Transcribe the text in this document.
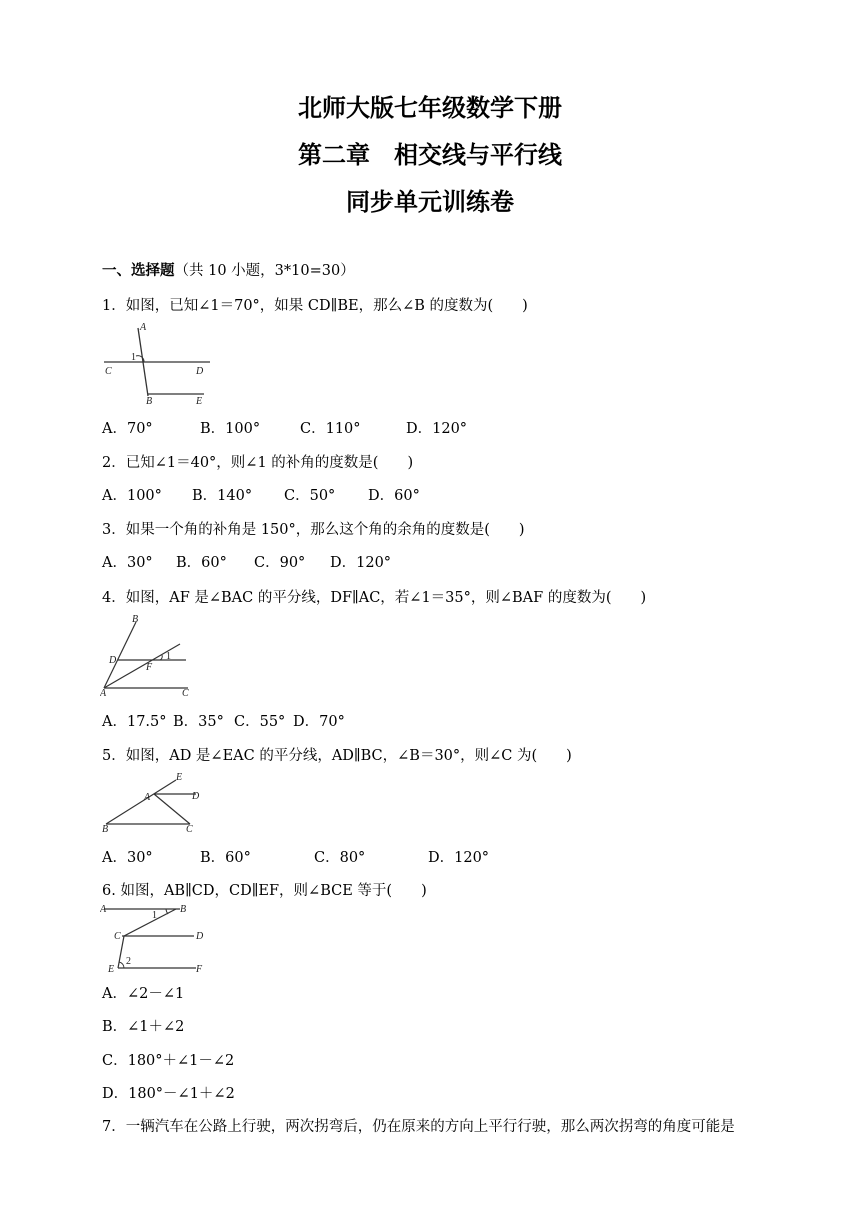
北师大版七年级数学下册
第二章　相交线与平行线
同步单元训练卷
一、选择题（共 10 小题，3*10=30）
1．如图，已知∠1＝70°，如果 CD∥BE，那么∠B 的度数为(　　)
A
1
C	D
B	E
A．70°	B．100°	C．110°	D．120°
2．已知∠1＝40°，则∠1 的补角的度数是(　　)
A．100° B．140° C．50° D．60°
3．如果一个角的补角是 150°，那么这个角的余角的度数是(　　)
A．30° B．60° C．90° D．120°
4．如图，AF 是∠BAC 的平分线，DF∥AC，若∠1＝35°，则∠BAF 的度数为(　　)
B
D
F
1
A	C
A．17.5° B．35° C．55° D．70°
5．如图，AD 是∠EAC 的平分线，AD∥BC，∠B＝30°，则∠C 为(　　)
E
A	D
B	C
A．30°	B．60°	C．80°	D．120°
6. 如图，AB∥CD，CD∥EF，则∠BCE 等于(　　)
A
1
B
C	D
E
2
F
A．∠2－∠1
B．∠1＋∠2
C．180°＋∠1－∠2
D．180°－∠1＋∠2
7．一辆汽车在公路上行驶，两次拐弯后，仍在原来的方向上平行行驶，那么两次拐弯的角度可能是
